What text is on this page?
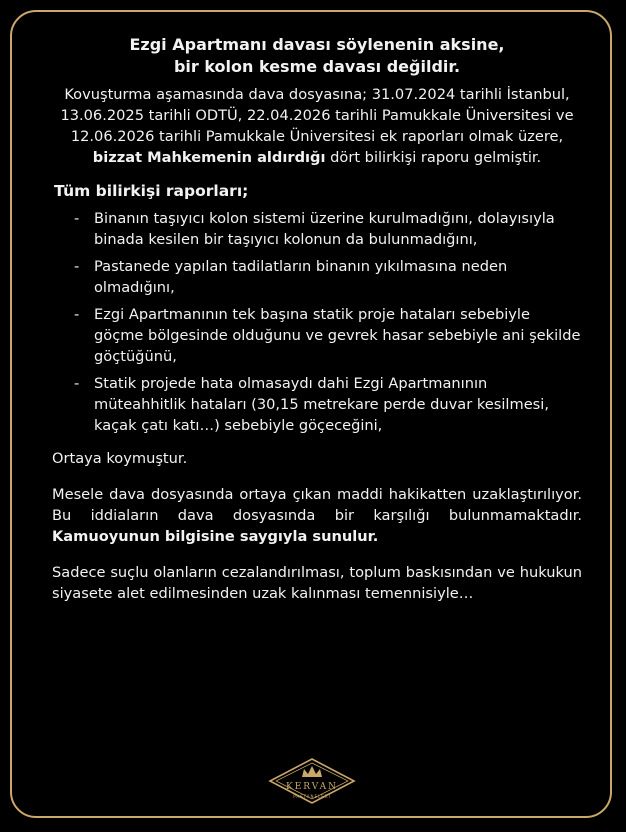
Ezgi Apartmanı davası söylenenin aksine,
bir kolon kesme davası değildir.

Kovuşturma aşamasında dava dosyasına; 31.07.2024 tarihli İstanbul, 13.06.2025 tarihli ODTÜ, 22.04.2026 tarihli Pamukkale Üniversitesi ve 12.06.2026 tarihli Pamukkale Üniversitesi ek raporları olmak üzere, bizzat Mahkemenin aldırdığı dört bilirkişi raporu gelmiştir.

Tüm bilirkişi raporları;
- Binanın taşıyıcı kolon sistemi üzerine kurulmadığını, dolayısıyla binada kesilen bir taşıyıcı kolonun da bulunmadığını,
- Pastanede yapılan tadilatların binanın yıkılmasına neden olmadığını,
- Ezgi Apartmanının tek başına statik proje hataları sebebiyle göçme bölgesinde olduğunu ve gevrek hasar sebebiyle ani şekilde göçtüğünü,
- Statik projede hata olmasaydı dahi Ezgi Apartmanının müteahhitlik hataları (30,15 metrekare perde duvar kesilmesi, kaçak çatı katı…) sebebiyle göçeceğini,

Ortaya koymuştur.

Mesele dava dosyasında ortaya çıkan maddi hakikatten uzaklaştırılıyor. Bu iddiaların dava dosyasında bir karşılığı bulunmamaktadır. Kamuoyunun bilgisine saygıyla sunulur.

Sadece suçlu olanların cezalandırılması, toplum baskısından ve hukukun siyasete alet edilmesinden uzak kalınması temennisiyle…

KERVAN
PASTANELERİ
